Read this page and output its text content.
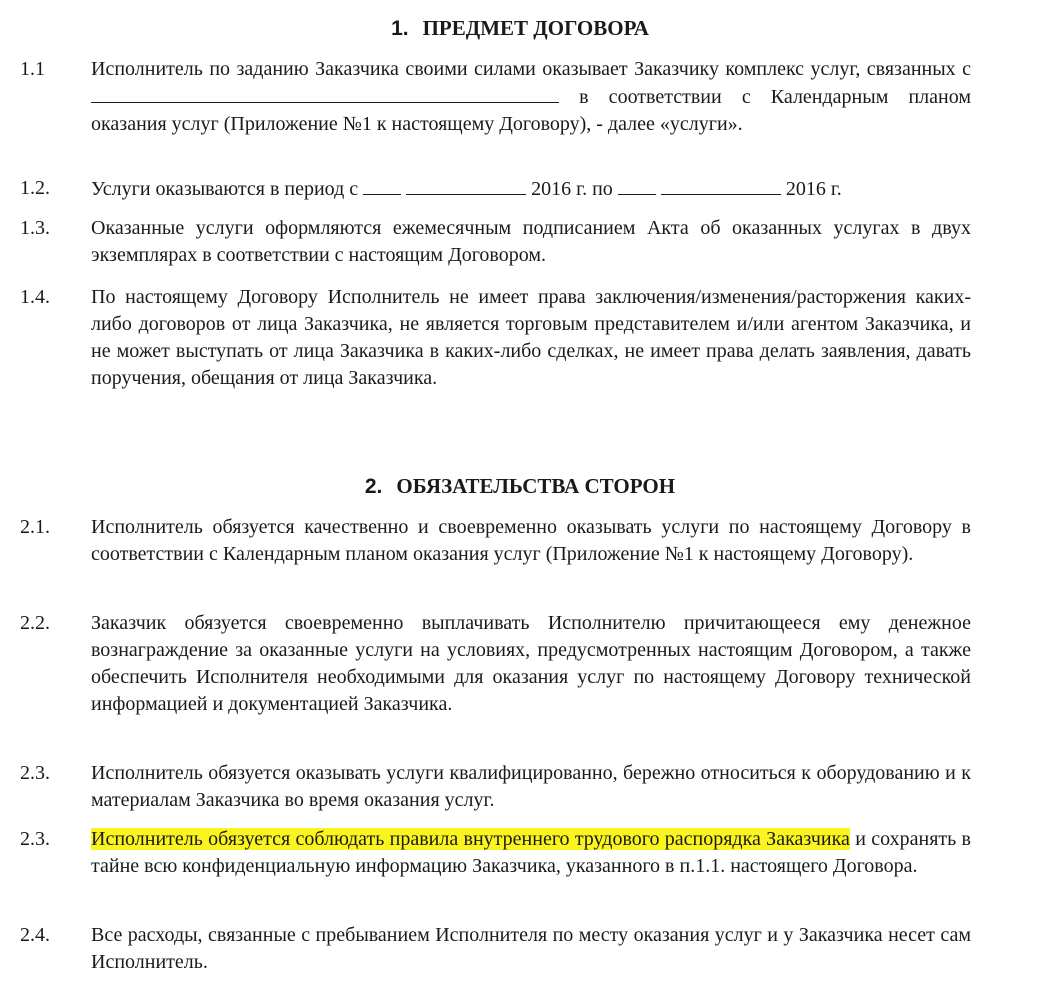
1. ПРЕДМЕТ ДОГОВОРА
1.1 Исполнитель по заданию Заказчика своими силами оказывает Заказчику комплекс услуг, связанных с  в соответствии с Календарным планом оказания услуг (Приложение №1 к настоящему Договору), - далее «услуги».
1.2. Услуги оказываются в период с	2016 г. по	2016 г.
1.3. Оказанные услуги оформляются ежемесячным подписанием Акта об оказанных услугах в двух экземплярах в соответствии с настоящим Договором.
1.4. По настоящему Договору Исполнитель не имеет права заключения/изменения/расторжения каких-либо договоров от лица Заказчика, не является торговым представителем и/или агентом Заказчика, и не может выступать от лица Заказчика в каких-либо сделках, не имеет права делать заявления, давать поручения, обещания от лица Заказчика.
2. ОБЯЗАТЕЛЬСТВА СТОРОН
2.1. Исполнитель обязуется качественно и своевременно оказывать услуги по настоящему Договору в соответствии с Календарным планом оказания услуг (Приложение №1 к настоящему Договору).
2.2. Заказчик обязуется своевременно выплачивать Исполнителю причитающееся ему денежное вознаграждение за оказанные услуги на условиях, предусмотренных настоящим Договором, а также обеспечить Исполнителя необходимыми для оказания услуг по настоящему Договору технической информацией и документацией Заказчика.
2.3. Исполнитель обязуется оказывать услуги квалифицированно, бережно относиться к оборудованию и к материалам Заказчика во время оказания услуг.
2.3. Исполнитель обязуется соблюдать правила внутреннего трудового распорядка Заказчика и сохранять в тайне всю конфиденциальную информацию Заказчика, указанного в п.1.1. настоящего Договора.
2.4. Все расходы, связанные с пребыванием Исполнителя по месту оказания услуг и у Заказчика несет сам Исполнитель.
